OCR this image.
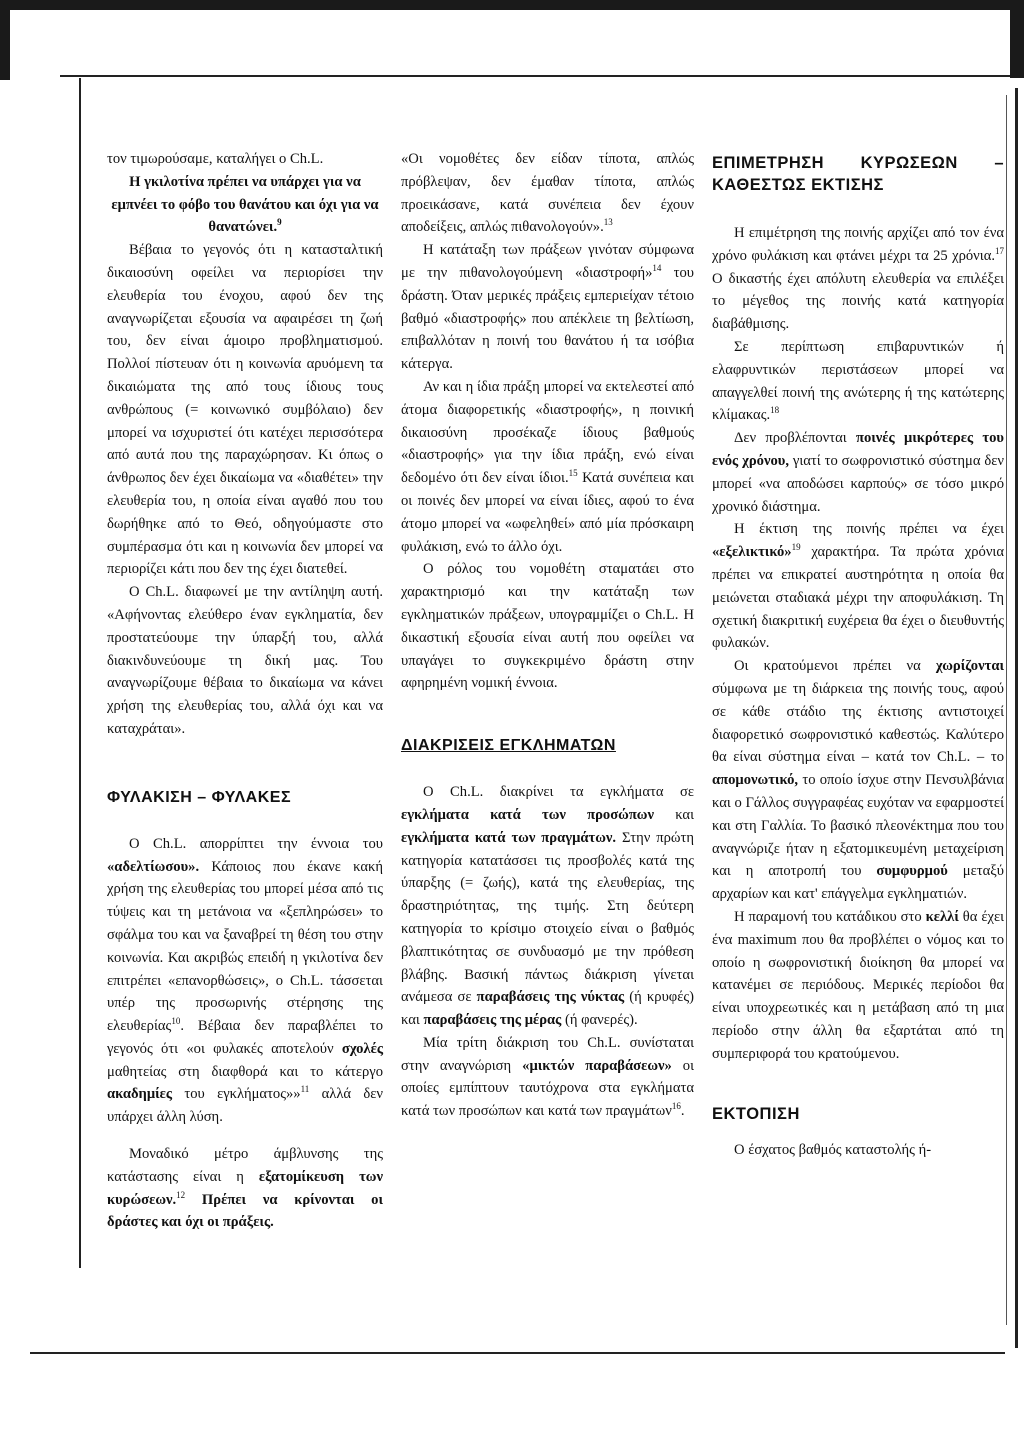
τον τιμωρούσαμε, καταλήγει ο Ch.L.

Η γκιλοτίνα πρέπει να υπάρχει για να εμπνέει το φόβο του θανάτου και όχι για να θανατώνει.$^9$

Βέβαια το γεγονός ότι η κατασταλτική δικαιοσύνη οφείλει να περιορίσει την ελευθερία του ένοχου, αφού δεν της αναγνωρίζεται εξουσία να αφαιρέσει τη ζωή του, δεν είναι άμοιρο προβληματισμού. Πολλοί πίστευαν ότι η κοινωνία αρυόμενη τα δικαιώματα της από τους ίδιους τους ανθρώπους (= κοινωνικό συμβόλαιο) δεν μπορεί να ισχυριστεί ότι κατέχει περισσότερα από αυτά που της παραχώρησαν. Κι όπως ο άνθρωπος δεν έχει δικαίωμα να «διαθέτει» την ελευθερία του, η οποία είναι αγαθό που του δωρήθηκε από το Θεό, οδηγούμαστε στο συμπέρασμα ότι και η κοινωνία δεν μπορεί να περιορίζει κάτι που δεν της έχει διατεθεί.

Ο Ch.L. διαφωνεί με την αντίληψη αυτή. «Αφήνοντας ελεύθερο έναν εγκληματία, δεν προστατεύουμε την ύπαρξή του, αλλά διακινδυνεύουμε τη δική μας. Του αναγνωρίζουμε θέβαια το δικαίωμα να κάνει χρήση της ελευθερίας του, αλλά όχι και να καταχράται».

ΦΥΛΑΚΙΣΗ – ΦΥΛΑΚΕΣ

Ο Ch.L. απορρίπτει την έννοια του «αδελτίωσου». Κάποιος που έκανε κακή χρήση της ελευθερίας του μπορεί μέσα από τις τύψεις και τη μετάνοια να «ξεπληρώσει» το σφάλμα του και να ξαναβρεί τη θέση του στην κοινωνία. Και ακριβώς επειδή η γκιλοτίνα δεν επιτρέπει «επανορθώσεις», ο Ch.L. τάσσεται υπέρ της προσωρινής στέρησης της ελευθερίας$^{10}$. Βέβαια δεν παραβλέπει το γεγονός ότι «οι φυλακές αποτελούν σχολές μαθητείας στη διαφθορά και το κάτεργο ακαδημίες του εγκλήματος»»$^{11}$ αλλά δεν υπάρχει άλλη λύση.

Μοναδικό μέτρο άμβλυνσης της κατάστασης είναι η εξατομίκευση των κυρώσεων.$^{12}$ Πρέπει να κρίνονται οι δράστες και όχι οι πράξεις.

«Οι νομοθέτες δεν είδαν τίποτα, απλώς πρόβλεψαν, δεν έμαθαν τίποτα, απλώς προεικάσανε, κατά συνέπεια δεν έχουν αποδείξεις, απλώς πιθανολογούν».$^{13}$

Η κατάταξη των πράξεων γινόταν σύμφωνα με την πιθανολογούμενη «διαστροφή»$^{14}$ του δράστη. Όταν μερικές πράξεις εμπεριείχαν τέτοιο βαθμό «διαστροφής» που απέκλειε τη βελτίωση, επιβαλλόταν η ποινή του θανάτου ή τα ισόβια κάτεργα.

Αν και η ίδια πράξη μπορεί να εκτελεστεί από άτομα διαφορετικής «διαστροφής», η ποινική δικαιοσύνη προσέκαζε ίδιους βαθμούς «διαστροφής» για την ίδια πράξη, ενώ είναι δεδομένο ότι δεν είναι ίδιοι.$^{15}$ Κατά συνέπεια και οι ποινές δεν μπορεί να είναι ίδιες, αφού το ένα άτομο μπορεί να «ωφεληθεί» από μία πρόσκαιρη φυλάκιση, ενώ το άλλο όχι.

Ο ρόλος του νομοθέτη σταματάει στο χαρακτηρισμό και την κατάταξη των εγκληματικών πράξεων, υπογραμμίζει ο Ch.L. Η δικαστική εξουσία είναι αυτή που οφείλει να υπαγάγει το συγκεκριμένο δράστη στην αφηρημένη νομική έννοια.

ΔΙΑΚΡΙΣΕΙΣ ΕΓΚΛΗΜΑΤΩΝ

Ο Ch.L. διακρίνει τα εγκλήματα σε εγκλήματα κατά των προσώπων και εγκλήματα κατά των πραγμάτων. Στην πρώτη κατηγορία κατατάσσει τις προσβολές κατά της ύπαρξης (= ζωής), κατά της ελευθερίας, της δραστηριότητας, της τιμής. Στη δεύτερη κατηγορία το κρίσιμο στοιχείο είναι ο βαθμός βλαπτικότητας σε συνδυασμό με την πρόθεση βλάβης. Βασική πάντως διάκριση γίνεται ανάμεσα σε παραβάσεις της νύκτας (ή κρυφές) και παραβάσεις της μέρας (ή φανερές).

Μία τρίτη διάκριση του Ch.L. συνίσταται στην αναγνώριση «μικτών παραβάσεων» οι οποίες εμπίπτουν ταυτόχρονα στα εγκλήματα κατά των προσώπων και κατά των πραγμάτων$^{16}$.

ΕΠΙΜΕΤΡΗΣΗ ΚΥΡΩΣΕΩΝ – ΚΑΘΕΣΤΩΣ ΕΚΤΙΣΗΣ

Η επιμέτρηση της ποινής αρχίζει από τον ένα χρόνο φυλάκιση και φτάνει μέχρι τα 25 χρόνια.$^{17}$ Ο δικαστής έχει απόλυτη ελευθερία να επιλέξει το μέγεθος της ποινής κατά κατηγορία διαβάθμισης.

Σε περίπτωση επιβαρυντικών ή ελαφρυντικών περιστάσεων μπορεί να απαγγελθεί ποινή της ανώτερης ή της κατώτερης κλίμακας.$^{18}$

Δεν προβλέπονται ποινές μικρότερες του ενός χρόνου, γιατί το σωφρονιστικό σύστημα δεν μπορεί «να αποδώσει καρπούς» σε τόσο μικρό χρονικό διάστημα.

Η έκτιση της ποινής πρέπει να έχει «εξελικτικό»$^{19}$ χαρακτήρα. Τα πρώτα χρόνια πρέπει να επικρατεί αυστηρότητα η οποία θα μειώνεται σταδιακά μέχρι την αποφυλάκιση. Τη σχετική διακριτική ευχέρεια θα έχει ο διευθυντής φυλακών.

Οι κρατούμενοι πρέπει να χωρίζονται σύμφωνα με τη διάρκεια της ποινής τους, αφού σε κάθε στάδιο της έκτισης αντιστοιχεί διαφορετικό σωφρονιστικό καθεστώς. Καλύτερο θα είναι σύστημα είναι – κατά τον Ch.L. – το απομονωτικό, το οποίο ίσχυε στην Πενσυλβάνια και ο Γάλλος συγγραφέας ευχόταν να εφαρμοστεί και στη Γαλλία. Το βασικό πλεονέκτημα που του αναγνώριζε ήταν η εξατομικευμένη μεταχείριση και η αποτροπή του συμφυρμού μεταξύ αρχαρίων και κατ' επάγγελμα εγκληματιών.

Η παραμονή του κατάδικου στο κελλί θα έχει ένα maximum που θα προβλέπει ο νόμος και το οποίο η σωφρονιστική διοίκηση θα μπορεί να κατανέμει σε περιόδους. Μερικές περίοδοι θα είναι υποχρεωτικές και η μετάβαση από τη μια περίοδο στην άλλη θα εξαρτάται από τη συμπεριφορά του κρατούμενου.

ΕΚΤΟΠΙΣΗ

Ο έσχατος βαθμός καταστολής ή-
